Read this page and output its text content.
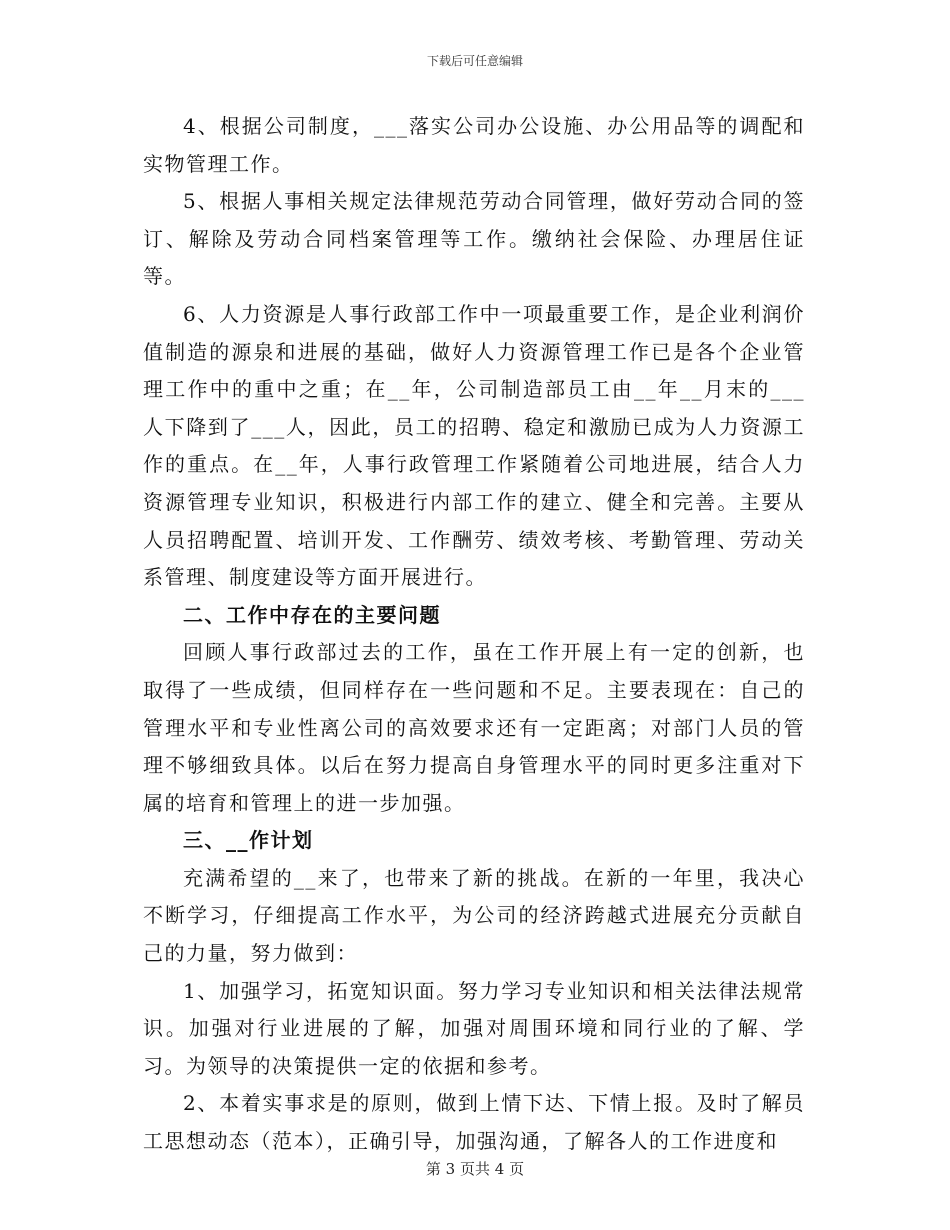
下载后可任意编辑

4、根据公司制度，___落实公司办公设施、办公用品等的调配和实物管理工作。

5、根据人事相关规定法律规范劳动合同管理，做好劳动合同的签订、解除及劳动合同档案管理等工作。缴纳社会保险、办理居住证等。

6、人力资源是人事行政部工作中一项最重要工作，是企业利润价值制造的源泉和进展的基础，做好人力资源管理工作已是各个企业管理工作中的重中之重；在__年，公司制造部员工由__年__月末的___人下降到了___人，因此，员工的招聘、稳定和激励已成为人力资源工作的重点。在__年，人事行政管理工作紧随着公司地进展，结合人力资源管理专业知识，积极进行内部工作的建立、健全和完善。主要从人员招聘配置、培训开发、工作酬劳、绩效考核、考勤管理、劳动关系管理、制度建设等方面开展进行。

二、工作中存在的主要问题

回顾人事行政部过去的工作，虽在工作开展上有一定的创新，也取得了一些成绩，但同样存在一些问题和不足。主要表现在：自己的管理水平和专业性离公司的高效要求还有一定距离；对部门人员的管理不够细致具体。以后在努力提高自身管理水平的同时更多注重对下属的培育和管理上的进一步加强。

三、__作计划

充满希望的__来了，也带来了新的挑战。在新的一年里，我决心不断学习，仔细提高工作水平，为公司的经济跨越式进展充分贡献自己的力量，努力做到：

1、加强学习，拓宽知识面。努力学习专业知识和相关法律法规常识。加强对行业进展的了解，加强对周围环境和同行业的了解、学习。为领导的决策提供一定的依据和参考。

2、本着实事求是的原则，做到上情下达、下情上报。及时了解员工思想动态（范本），正确引导，加强沟通，了解各人的工作进度和

第 3 页共 4 页
